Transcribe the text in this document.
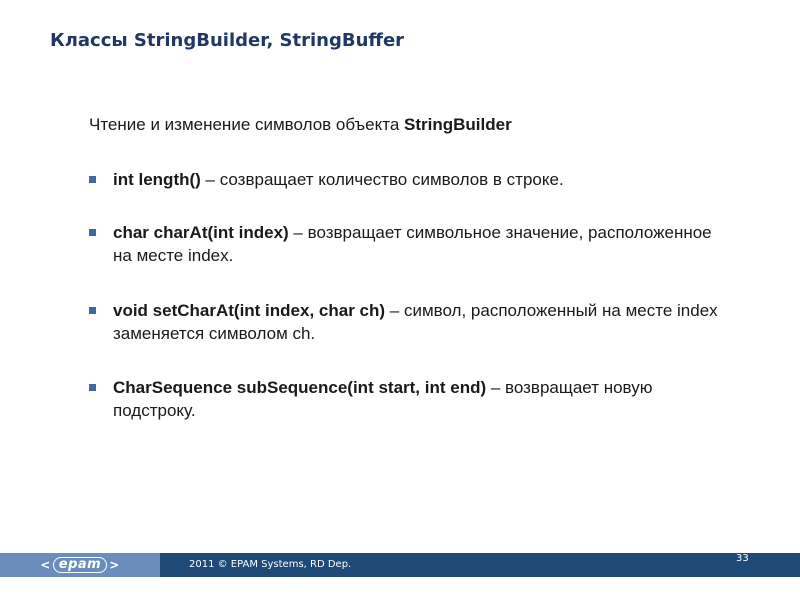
Классы StringBuilder, StringBuffer

Чтение и изменение символов объекта StringBuilder

int length() – созвращает количество символов в строке.
char charAt(int index) – возвращает символьное значение, расположенное на месте index.
void setCharAt(int index, char ch) – символ, расположенный на месте index заменяется символом ch.
CharSequence subSequence(int start, int end) – возвращает новую подстроку.
< epam >	2011 © EPAM Systems, RD Dep.
33
